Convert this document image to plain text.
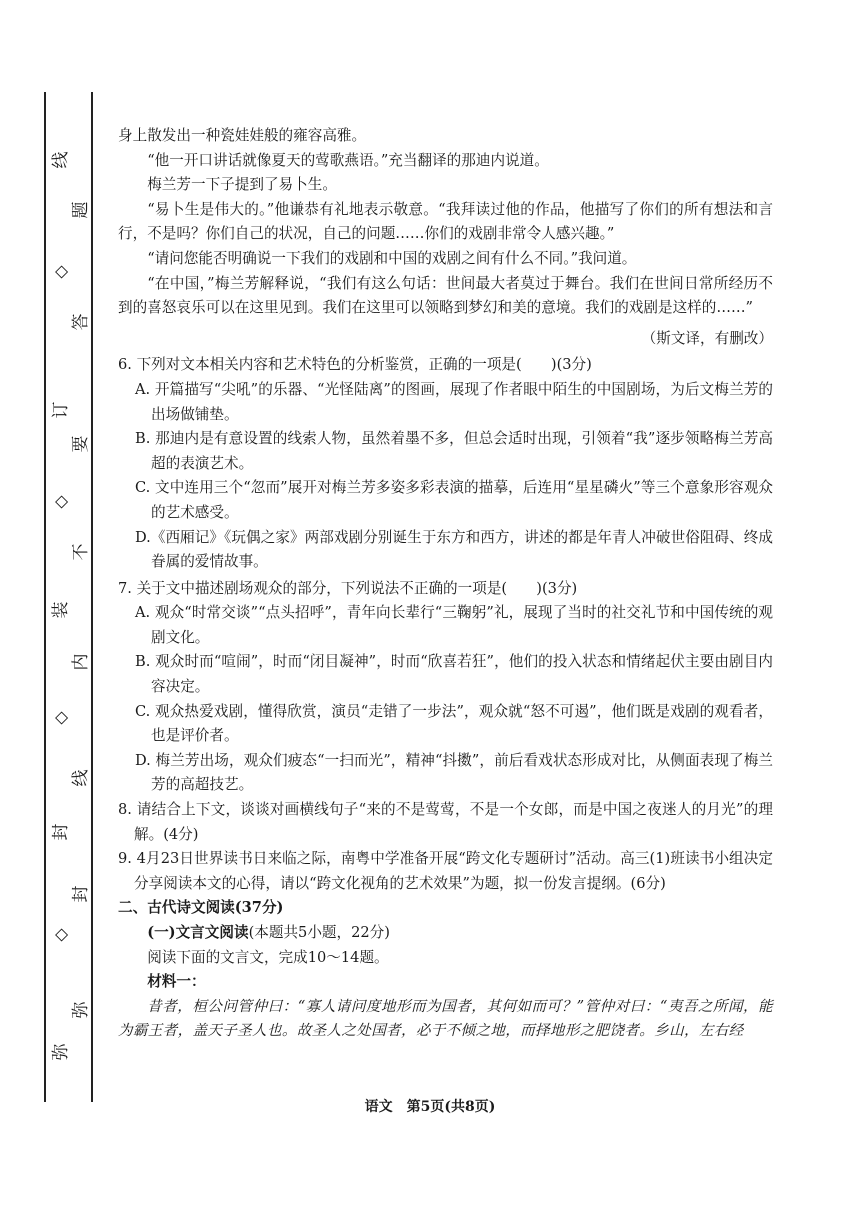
线
◇
订
◇
装
◇
封
◇
弥
题
答
要
不
内
线
封
弥

身上散发出一种瓷娃娃般的雍容高雅。

“他一开口讲话就像夏天的莺歌燕语。”充当翻译的那迪内说道。

梅兰芳一下子提到了易卜生。

“易卜生是伟大的。”他谦恭有礼地表示敬意。“我拜读过他的作品，他描写了你们的所有想法和言行，不是吗？你们自己的状况，自己的问题……你们的戏剧非常令人感兴趣。”

“请问您能否明确说一下我们的戏剧和中国的戏剧之间有什么不同。”我问道。

“在中国，”梅兰芳解释说，“我们有这么句话：世间最大者莫过于舞台。我们在世间日常所经历不到的喜怒哀乐可以在这里见到。我们在这里可以领略到梦幻和美的意境。我们的戏剧是这样的……”

（斯文译，有删改）

6. 下列对文本相关内容和艺术特色的分析鉴赏，正确的一项是(　　)(3分)

A. 开篇描写“尖吼”的乐器、“光怪陆离”的图画，展现了作者眼中陌生的中国剧场，为后文梅兰芳的出场做铺垫。

B. 那迪内是有意设置的线索人物，虽然着墨不多，但总会适时出现，引领着“我”逐步领略梅兰芳高超的表演艺术。

C. 文中连用三个“忽而”展开对梅兰芳多姿多彩表演的描摹，后连用“星星磷火”等三个意象形容观众的艺术感受。

D.《西厢记》《玩偶之家》两部戏剧分别诞生于东方和西方，讲述的都是年青人冲破世俗阻碍、终成眷属的爱情故事。

7. 关于文中描述剧场观众的部分，下列说法不正确的一项是(　　)(3分)

A. 观众“时常交谈”“点头招呼”，青年向长辈行“三鞠躬”礼，展现了当时的社交礼节和中国传统的观剧文化。

B. 观众时而“喧闹”，时而“闭目凝神”，时而“欣喜若狂”，他们的投入状态和情绪起伏主要由剧目内容决定。

C. 观众热爱戏剧，懂得欣赏，演员“走错了一步法”，观众就“怒不可遏”，他们既是戏剧的观看者，也是评价者。

D. 梅兰芳出场，观众们疲态“一扫而光”，精神“抖擞”，前后看戏状态形成对比，从侧面表现了梅兰芳的高超技艺。

8. 请结合上下文，谈谈对画横线句子“来的不是莺莺，不是一个女郎，而是中国之夜迷人的月光”的理解。(4分)

9. 4月23日世界读书日来临之际，南粤中学准备开展“跨文化专题研讨”活动。高三(1)班读书小组决定分享阅读本文的心得，请以“跨文化视角的艺术效果”为题，拟一份发言提纲。(6分)

二、古代诗文阅读(37分)

(一)文言文阅读(本题共5小题，22分)

阅读下面的文言文，完成10～14题。

材料一：

昔者，桓公问管仲曰：“寡人请问度地形而为国者，其何如而可？”管仲对曰：“夷吾之所闻，能为霸王者，盖天子圣人也。故圣人之处国者，必于不倾之地，而择地形之肥饶者。乡山，左右经

语文　第5页(共8页)
